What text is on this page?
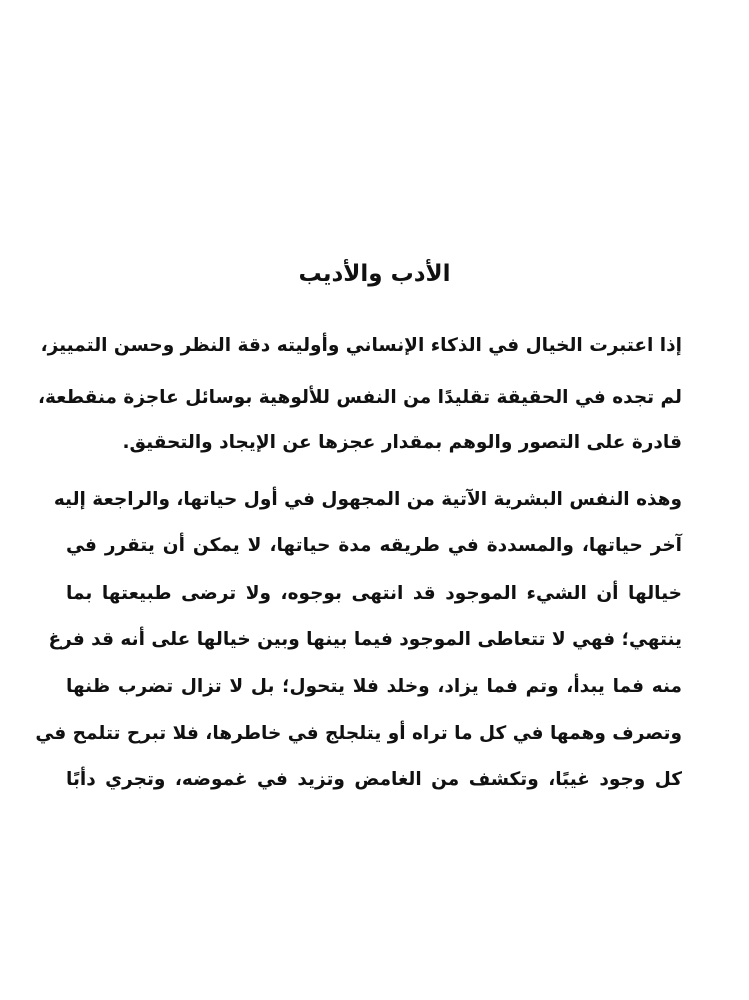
الأدب والأديب

إذا اعتبرت الخيال في الذكاء الإنساني وأوليته دقة النظر وحسن التمييز،

لم تجده في الحقيقة تقليدًا من النفس للألوهية بوسائل عاجزة منقطعة،

قادرة على التصور والوهم بمقدار عجزها عن الإيجاد والتحقيق.

وهذه النفس البشرية الآتية من المجهول في أول حياتها، والراجعة إليه

آخر حياتها، والمسددة في طريقه مدة حياتها، لا يمكن أن يتقرر في

خيالها أن الشيء الموجود قد انتهى بوجوه، ولا ترضى طبيعتها بما

ينتهي؛ فهي لا تتعاطى الموجود فيما بينها وبين خيالها على أنه قد فرغ

منه فما يبدأ، وتم فما يزاد، وخلد فلا يتحول؛ بل لا تزال تضرب ظنها

وتصرف وهمها في كل ما تراه أو يتلجلج في خاطرها، فلا تبرح تتلمح في

كل وجود غيبًا، وتكشف من الغامض وتزيد في غموضه، وتجري دأبًا
